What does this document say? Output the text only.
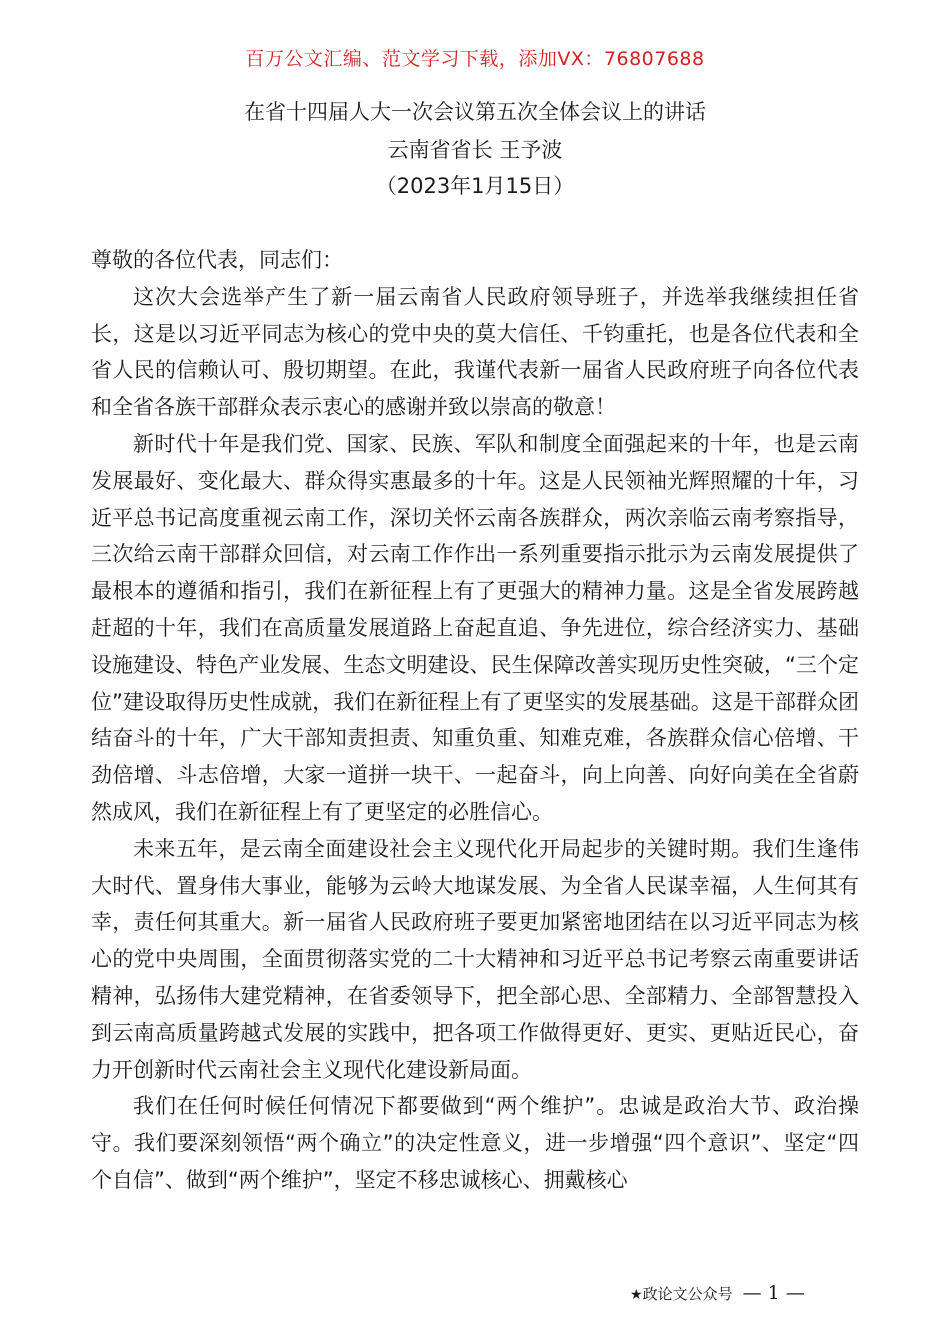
百万公文汇编、范文学习下载，添加VX：76807688
在省十四届人大一次会议第五次全体会议上的讲话
云南省省长 王予波
（2023年1月15日）

尊敬的各位代表，同志们：

这次大会选举产生了新一届云南省人民政府领导班子，并选举我继续担任省长，这是以习近平同志为核心的党中央的莫大信任、千钧重托，也是各位代表和全省人民的信赖认可、殷切期望。在此，我谨代表新一届省人民政府班子向各位代表和全省各族干部群众表示衷心的感谢并致以崇高的敬意！

新时代十年是我们党、国家、民族、军队和制度全面强起来的十年，也是云南发展最好、变化最大、群众得实惠最多的十年。这是人民领袖光辉照耀的十年，习近平总书记高度重视云南工作，深切关怀云南各族群众，两次亲临云南考察指导，三次给云南干部群众回信，对云南工作作出一系列重要指示批示为云南发展提供了最根本的遵循和指引，我们在新征程上有了更强大的精神力量。这是全省发展跨越赶超的十年，我们在高质量发展道路上奋起直追、争先进位，综合经济实力、基础设施建设、特色产业发展、生态文明建设、民生保障改善实现历史性突破，“三个定位”建设取得历史性成就，我们在新征程上有了更坚实的发展基础。这是干部群众团结奋斗的十年，广大干部知责担责、知重负重、知难克难，各族群众信心倍增、干劲倍增、斗志倍增，大家一道拼一块干、一起奋斗，向上向善、向好向美在全省蔚然成风，我们在新征程上有了更坚定的必胜信心。

未来五年，是云南全面建设社会主义现代化开局起步的关键时期。我们生逢伟大时代、置身伟大事业，能够为云岭大地谋发展、为全省人民谋幸福，人生何其有幸，责任何其重大。新一届省人民政府班子要更加紧密地团结在以习近平同志为核心的党中央周围，全面贯彻落实党的二十大精神和习近平总书记考察云南重要讲话精神，弘扬伟大建党精神，在省委领导下，把全部心思、全部精力、全部智慧投入到云南高质量跨越式发展的实践中，把各项工作做得更好、更实、更贴近民心，奋力开创新时代云南社会主义现代化建设新局面。

我们在任何时候任何情况下都要做到“两个维护”。忠诚是政治大节、政治操守。我们要深刻领悟“两个确立”的决定性意义，进一步增强“四个意识”、坚定“四个自信”、做到“两个维护”，坚定不移忠诚核心、拥戴核心

★政论文公众号 — 1 —
